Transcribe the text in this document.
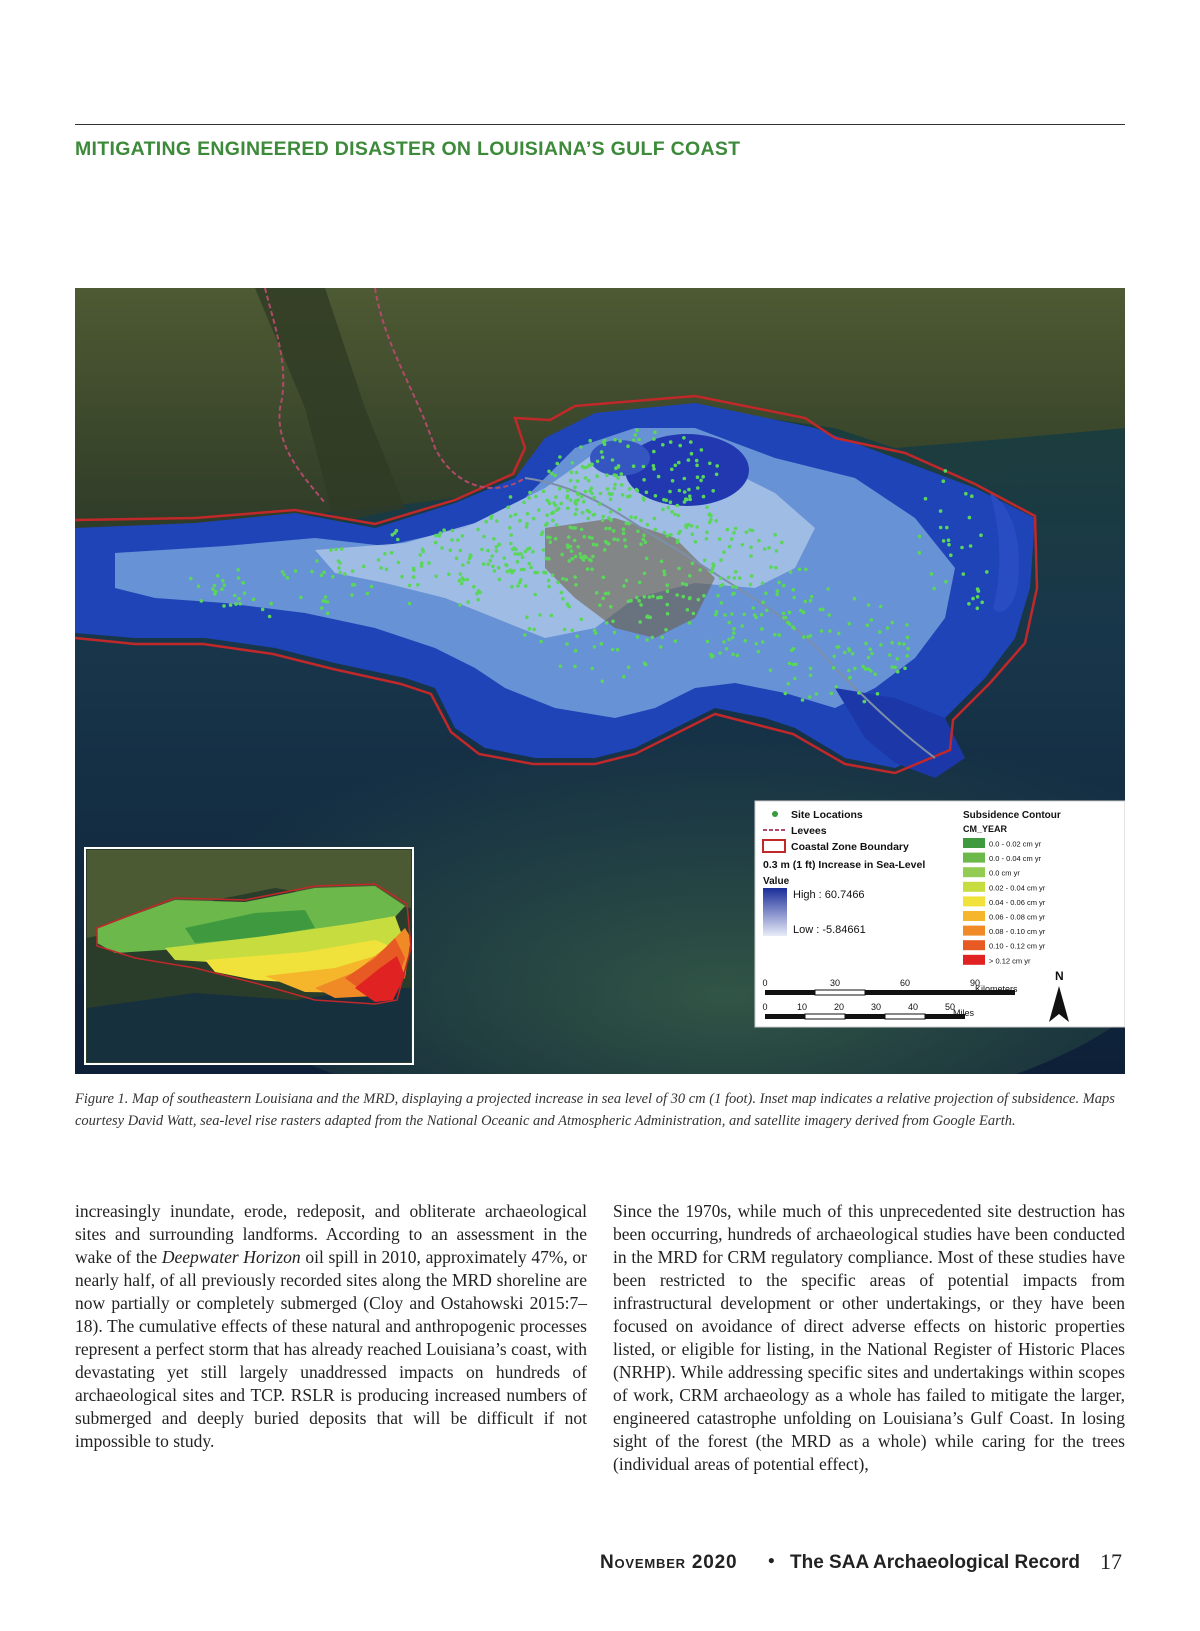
MITIGATING ENGINEERED DISASTER ON LOUISIANA’S GULF COAST
Site Locations
Levees
Coastal Zone Boundary
0.3 m (1 ft) Increase in Sea-Level
Value
High : 60.7466
Low : -5.84661
Subsidence Contour
CM_YEAR
0.0 - 0.02 cm yr
0.0 - 0.04 cm yr
0.0 cm yr
0.02 - 0.04 cm yr
0.04 - 0.06 cm yr
0.06 - 0.08 cm yr
0.08 - 0.10 cm yr
0.10 - 0.12 cm yr
> 0.12 cm yr
0	30	60	90
Kilometers
0	10	20	30	40	50
Miles
N
Figure 1. Map of southeastern Louisiana and the MRD, displaying a projected increase in sea level of 30 cm (1 foot). Inset map indicates a relative projection of subsidence. Maps courtesy David Watt, sea-level rise rasters adapted from the National Oceanic and Atmospheric Administration, and satellite imagery derived from Google Earth.
increasingly inundate, erode, redeposit, and obliterate archaeological sites and surrounding landforms. According to an assessment in the wake of the Deepwater Horizon oil spill in 2010, approximately 47%, or nearly half, of all previously recorded sites along the MRD shoreline are now partially or completely submerged (Cloy and Ostahowski 2015:7–18). The cumulative effects of these natural and anthropogenic processes represent a perfect storm that has already reached Louisiana’s coast, with devastating yet still largely unaddressed impacts on hundreds of archaeological sites and TCP. RSLR is producing increased numbers of submerged and deeply buried deposits that will be difficult if not impossible to study.
Since the 1970s, while much of this unprecedented site destruction has been occurring, hundreds of archaeological studies have been conducted in the MRD for CRM regulatory compliance. Most of these studies have been restricted to the specific areas of potential impacts from infrastructural development or other undertakings, or they have been focused on avoidance of direct adverse effects on historic properties listed, or eligible for listing, in the National Register of Historic Places (NRHP). While addressing specific sites and undertakings within scopes of work, CRM archaeology as a whole has failed to mitigate the larger, engineered catastrophe unfolding on Louisiana’s Gulf Coast. In losing sight of the forest (the MRD as a whole) while caring for the trees (individual areas of potential effect),
November 2020 • The SAA Archaeological Record 17
